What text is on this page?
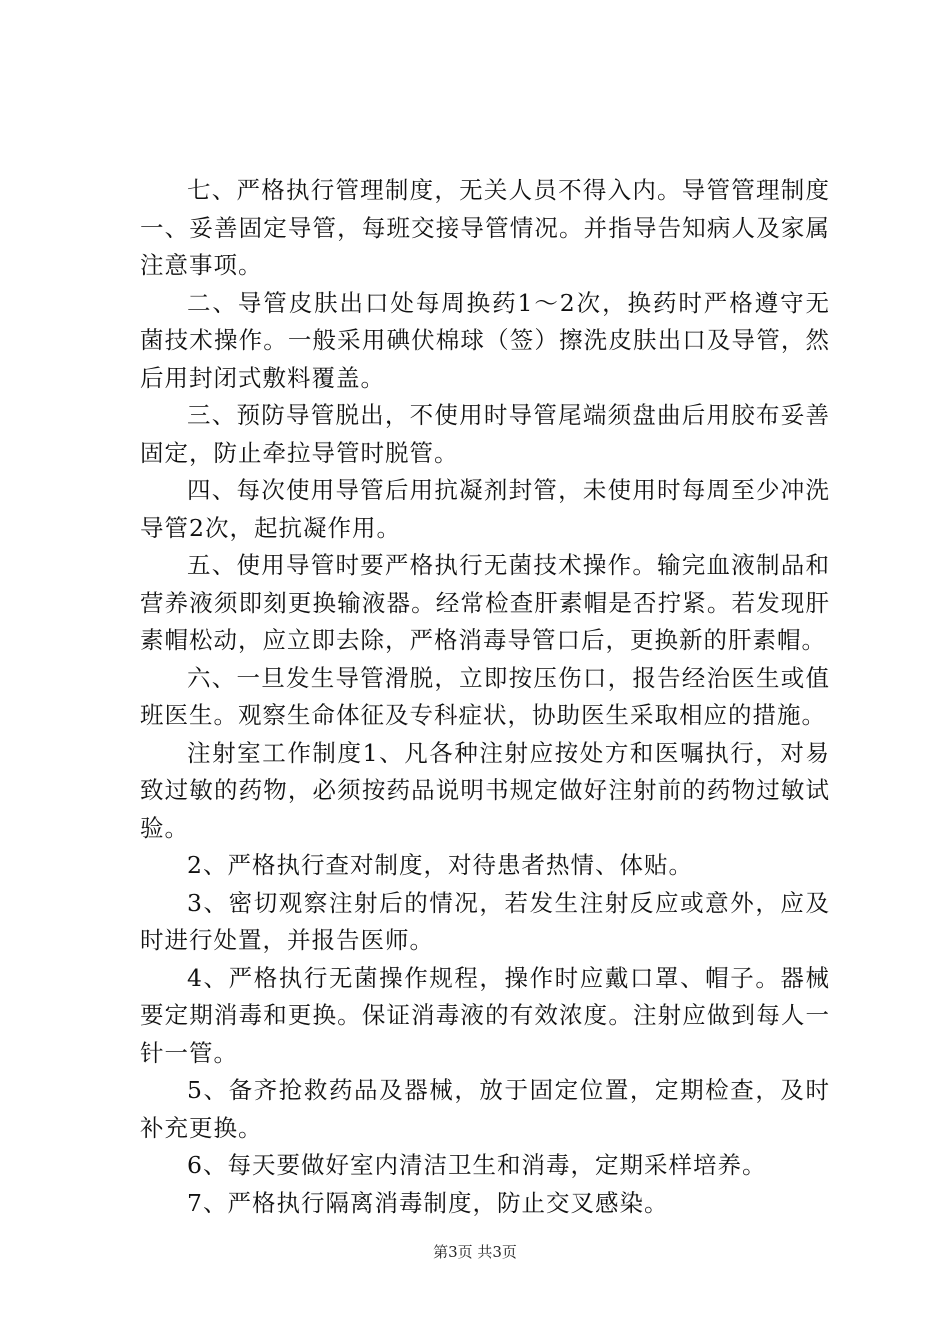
七、严格执行管理制度，无关人员不得入内。导管管理制度一、妥善固定导管，每班交接导管情况。并指导告知病人及家属注意事项。

二、导管皮肤出口处每周换药1～2次，换药时严格遵守无菌技术操作。一般采用碘伏棉球（签）擦洗皮肤出口及导管，然后用封闭式敷料覆盖。

三、预防导管脱出，不使用时导管尾端须盘曲后用胶布妥善固定，防止牵拉导管时脱管。

四、每次使用导管后用抗凝剂封管，未使用时每周至少冲洗导管2次，起抗凝作用。

五、使用导管时要严格执行无菌技术操作。输完血液制品和营养液须即刻更换输液器。经常检查肝素帽是否拧紧。若发现肝素帽松动，应立即去除，严格消毒导管口后，更换新的肝素帽。

六、一旦发生导管滑脱，立即按压伤口，报告经治医生或值班医生。观察生命体征及专科症状，协助医生采取相应的措施。

注射室工作制度1、凡各种注射应按处方和医嘱执行，对易致过敏的药物，必须按药品说明书规定做好注射前的药物过敏试验。

2、严格执行查对制度，对待患者热情、体贴。

3、密切观察注射后的情况，若发生注射反应或意外，应及时进行处置，并报告医师。

4、严格执行无菌操作规程，操作时应戴口罩、帽子。器械要定期消毒和更换。保证消毒液的有效浓度。注射应做到每人一针一管。

5、备齐抢救药品及器械，放于固定位置，定期检查，及时补充更换。

6、每天要做好室内清洁卫生和消毒，定期采样培养。

7、严格执行隔离消毒制度，防止交叉感染。

第3页 共3页
